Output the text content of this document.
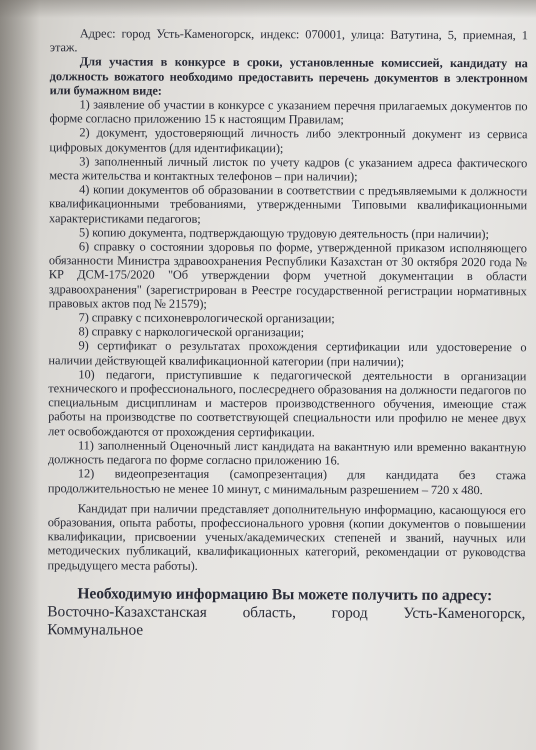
Адрес: город Усть-Каменогорск, индекс: 070001, улица: Ватутина, 5, приемная, 1 этаж.

Для участия в конкурсе в сроки, установленные комиссией, кандидату на должность вожатого необходимо предоставить перечень документов в электронном или бумажном виде:

1) заявление об участии в конкурсе с указанием перечня прилагаемых документов по форме согласно приложению 15 к настоящим Правилам;

2) документ, удостоверяющий личность либо электронный документ из сервиса цифровых документов (для идентификации);

3) заполненный личный листок по учету кадров (с указанием адреса фактического места жительства и контактных телефонов – при наличии);

4) копии документов об образовании в соответствии с предъявляемыми к должности квалификационными требованиями, утвержденными Типовыми квалификационными характеристиками педагогов;

5) копию документа, подтверждающую трудовую деятельность (при наличии);

6) справку о состоянии здоровья по форме, утвержденной приказом исполняющего обязанности Министра здравоохранения Республики Казахстан от 30 октября 2020 года № КР ДСМ-175/2020 "Об утверждении форм учетной документации в области здравоохранения" (зарегистрирован в Реестре государственной регистрации нормативных правовых актов под № 21579);

7) справку с психоневрологической организации;

8) справку с наркологической организации;

9) сертификат о результатах прохождения сертификации или удостоверение о наличии действующей квалификационной категории (при наличии);

10) педагоги, приступившие к педагогической деятельности в организации технического и профессионального, послесреднего образования на должности педагогов по специальным дисциплинам и мастеров производственного обучения, имеющие стаж работы на производстве по соответствующей специальности или профилю не менее двух лет освобождаются от прохождения сертификации.

11) заполненный Оценочный лист кандидата на вакантную или временно вакантную должность педагога по форме согласно приложению 16.

12) видеопрезентация (самопрезентация) для кандидата без стажа продолжительностью не менее 10 минут, с минимальным разрешением – 720 x 480.

Кандидат при наличии представляет дополнительную информацию, касающуюся его образования, опыта работы, профессионального уровня (копии документов о повышении квалификации, присвоении ученых/академических степеней и званий, научных или методических публикаций, квалификационных категорий, рекомендации от руководства предыдущего места работы).

Необходимую информацию Вы можете получить по адресу:

Восточно-Казахстанская область, город Усть-Каменогорск, Коммунальное
